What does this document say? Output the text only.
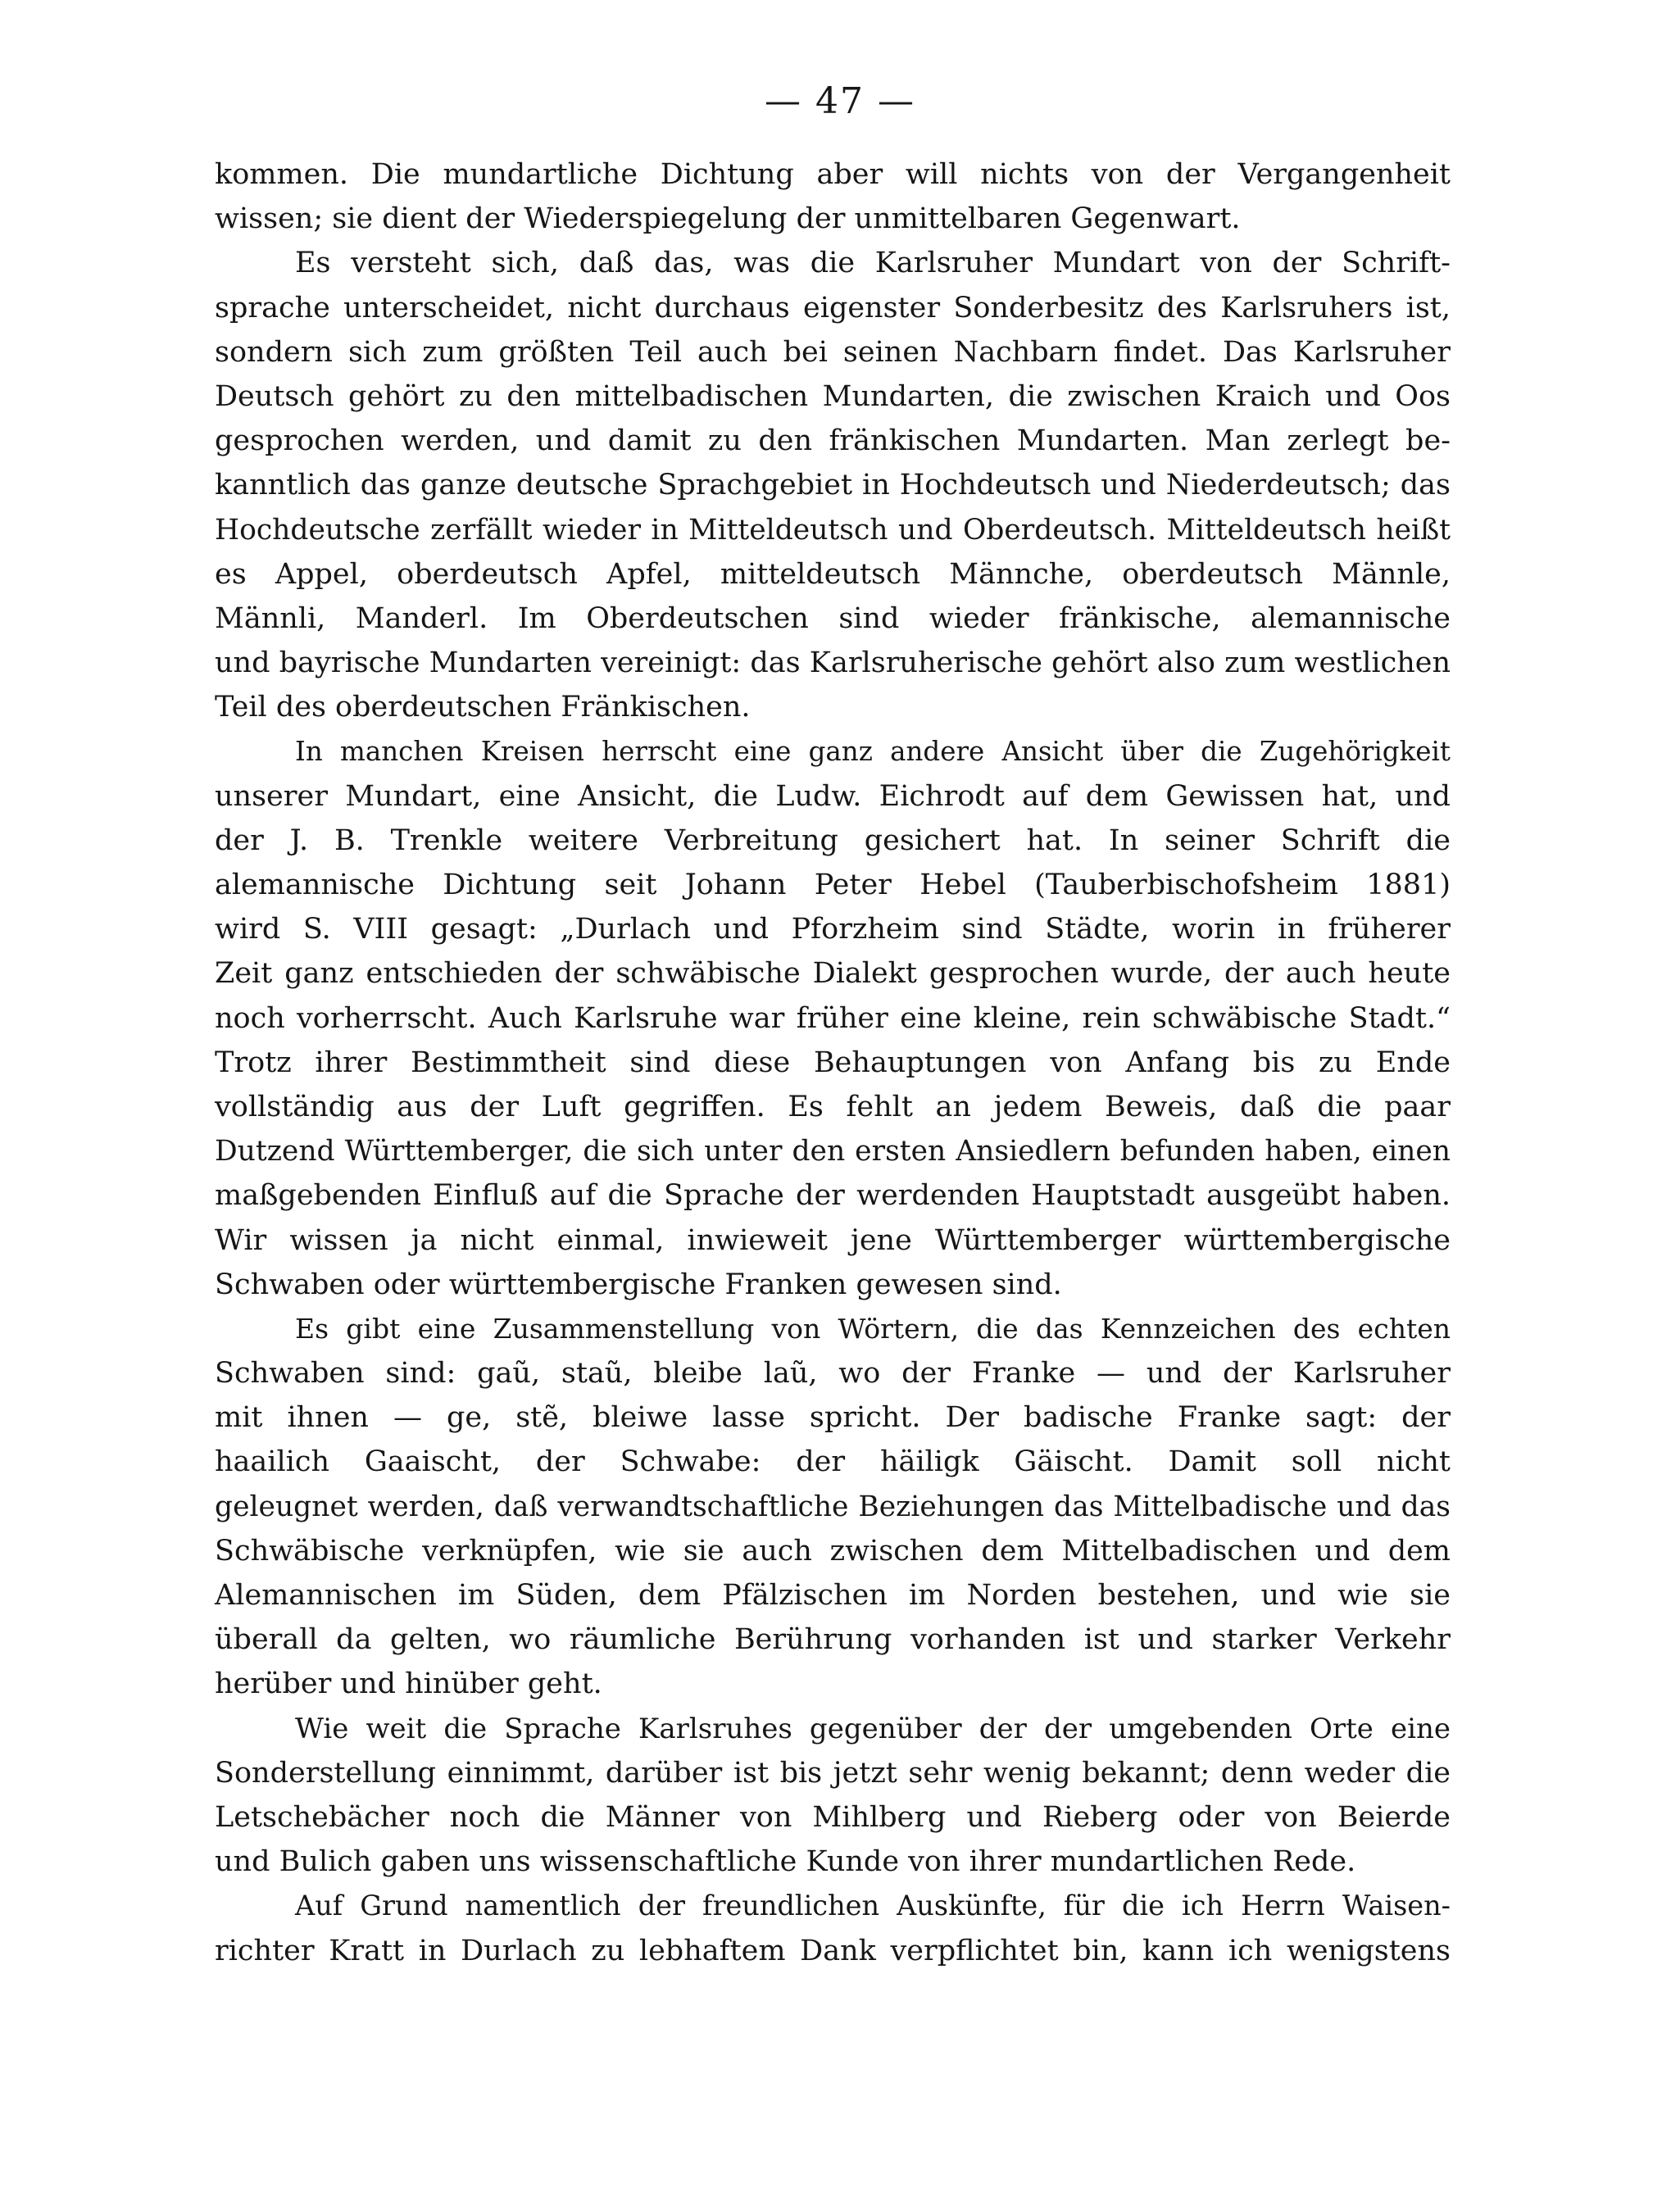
— 47 —
kommen. Die mundartliche Dichtung aber will nichts von der Vergangenheit
wissen; sie dient der Wiederspiegelung der unmittelbaren Gegenwart.
Es versteht sich, daß das, was die Karlsruher Mundart von der Schrift-
sprache unterscheidet, nicht durchaus eigenster Sonderbesitz des Karlsruhers ist,
sondern sich zum größten Teil auch bei seinen Nachbarn findet. Das Karlsruher
Deutsch gehört zu den mittelbadischen Mundarten, die zwischen Kraich und Oos
gesprochen werden, und damit zu den fränkischen Mundarten. Man zerlegt be-
kanntlich das ganze deutsche Sprachgebiet in Hochdeutsch und Niederdeutsch; das
Hochdeutsche zerfällt wieder in Mitteldeutsch und Oberdeutsch. Mitteldeutsch heißt
es Appel, oberdeutsch Apfel, mitteldeutsch Männche, oberdeutsch Männle,
Männli, Manderl. Im Oberdeutschen sind wieder fränkische, alemannische
und bayrische Mundarten vereinigt: das Karlsruherische gehört also zum westlichen
Teil des oberdeutschen Fränkischen.
In manchen Kreisen herrscht eine ganz andere Ansicht über die Zugehörigkeit
unserer Mundart, eine Ansicht, die Ludw. Eichrodt auf dem Gewissen hat, und
der J. B. Trenkle weitere Verbreitung gesichert hat. In seiner Schrift die
alemannische Dichtung seit Johann Peter Hebel (Tauberbischofsheim 1881)
wird S. VIII gesagt: „Durlach und Pforzheim sind Städte, worin in früherer
Zeit ganz entschieden der schwäbische Dialekt gesprochen wurde, der auch heute
noch vorherrscht. Auch Karlsruhe war früher eine kleine, rein schwäbische Stadt.“
Trotz ihrer Bestimmtheit sind diese Behauptungen von Anfang bis zu Ende
vollständig aus der Luft gegriffen. Es fehlt an jedem Beweis, daß die paar
Dutzend Württemberger, die sich unter den ersten Ansiedlern befunden haben, einen
maßgebenden Einfluß auf die Sprache der werdenden Hauptstadt ausgeübt haben.
Wir wissen ja nicht einmal, inwieweit jene Württemberger württembergische
Schwaben oder württembergische Franken gewesen sind.
Es gibt eine Zusammenstellung von Wörtern, die das Kennzeichen des echten
Schwaben sind: gaũ, staũ, bleibe laũ, wo der Franke — und der Karlsruher
mit ihnen — ge, stẽ, bleiwe lasse spricht. Der badische Franke sagt: der
haailich Gaaischt, der Schwabe: der häiligk Gäischt. Damit soll nicht
geleugnet werden, daß verwandtschaftliche Beziehungen das Mittelbadische und das
Schwäbische verknüpfen, wie sie auch zwischen dem Mittelbadischen und dem
Alemannischen im Süden, dem Pfälzischen im Norden bestehen, und wie sie
überall da gelten, wo räumliche Berührung vorhanden ist und starker Verkehr
herüber und hinüber geht.
Wie weit die Sprache Karlsruhes gegenüber der der umgebenden Orte eine
Sonderstellung einnimmt, darüber ist bis jetzt sehr wenig bekannt; denn weder die
Letschebächer noch die Männer von Mihlberg und Rieberg oder von Beierde
und Bulich gaben uns wissenschaftliche Kunde von ihrer mundartlichen Rede.
Auf Grund namentlich der freundlichen Auskünfte, für die ich Herrn Waisen-
richter Kratt in Durlach zu lebhaftem Dank verpflichtet bin, kann ich wenigstens
